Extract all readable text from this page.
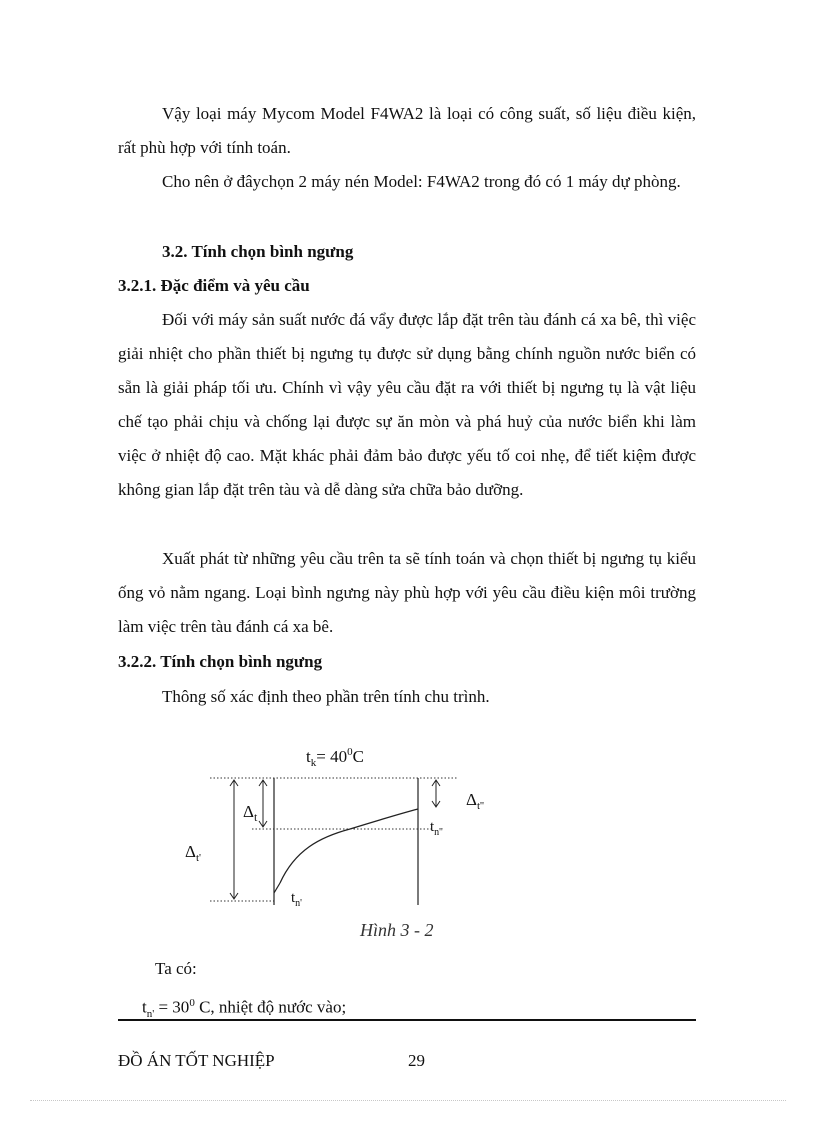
Vậy loại máy Mycom Model F4WA2 là loại có công suất, số liệu điều kiện, rất phù hợp với tính toán.

Cho nên ở đâychọn 2 máy nén Model: F4WA2 trong đó có 1 máy dự phòng.

3.2. Tính chọn bình ngưng

3.2.1. Đặc điểm và yêu cầu

Đối với máy sản suất nước đá vẩy được lắp đặt trên tàu đánh cá xa bê, thì việc giải nhiệt cho phần thiết bị ngưng tụ được sử dụng bằng chính nguồn nước biển có sẵn là giải pháp tối ưu. Chính vì vậy yêu cầu đặt ra với thiết bị ngưng tụ là vật liệu chế tạo phải chịu và chống lại được sự ăn mòn và phá huỷ của nước biển khi làm việc ở nhiệt độ cao. Mặt khác phải đảm bảo được yếu tố coi nhẹ, để tiết kiệm được không gian lắp đặt trên tàu và dễ dàng sửa chữa bảo dưỡng.

Xuất phát từ những yêu cầu trên ta sẽ tính toán và chọn thiết bị ngưng tụ kiểu ống vỏ nằm ngang. Loại bình ngưng này phù hợp với yêu cầu điều kiện môi trường làm việc trên tàu đánh cá xa bê.

3.2.2. Tính chọn bình ngưng

Thông số xác định theo phần trên tính chu trình.

$t_k= 40^0C$
$\Delta_t$
$\Delta_{t''}$
$\Delta_{t'}$
$t_{n''}$
$t_{n'}$
Hình 3 - 2

Ta có:

$t_{n'} = 30^0$ C, nhiệt độ nước vào;

ĐỒ ÁN TỐT NGHIỆP	29
